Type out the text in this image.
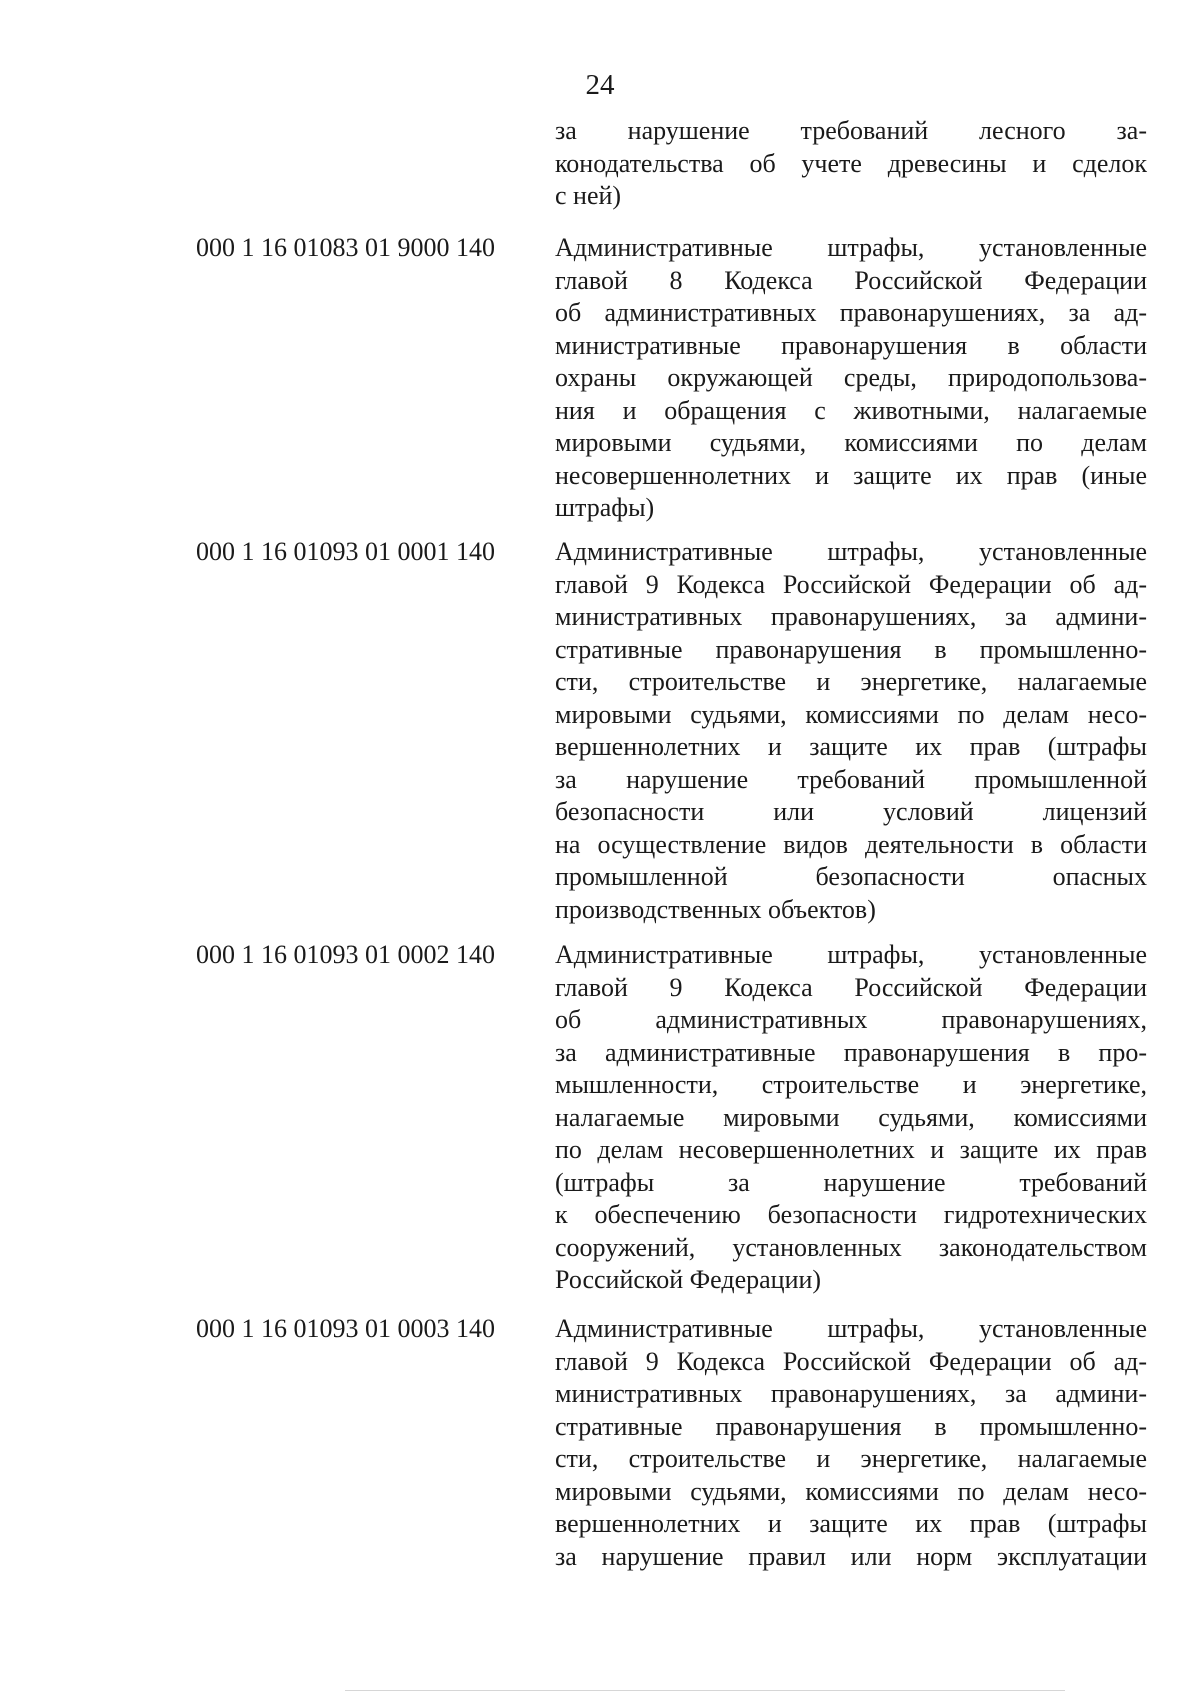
24
за нарушение требований лесного за-
конодательства об учете древесины и сделок
с ней)
000 1 16 01083 01 9000 140 Административные штрафы, установленные
главой 8 Кодекса Российской Федерации
об административных правонарушениях, за ад-
министративные правонарушения в области
охраны окружающей среды, природопользова-
ния и обращения с животными, налагаемые
мировыми судьями, комиссиями по делам
несовершеннолетних и защите их прав (иные
штрафы)
000 1 16 01093 01 0001 140 Административные штрафы, установленные
главой 9 Кодекса Российской Федерации об ад-
министративных правонарушениях, за админи-
стративные правонарушения в промышленно-
сти, строительстве и энергетике, налагаемые
мировыми судьями, комиссиями по делам несо-
вершеннолетних и защите их прав (штрафы
за нарушение требований промышленной
безопасности или условий лицензий
на осуществление видов деятельности в области
промышленной безопасности опасных
производственных объектов)
000 1 16 01093 01 0002 140 Административные штрафы, установленные
главой 9 Кодекса Российской Федерации
об административных правонарушениях,
за административные правонарушения в про-
мышленности, строительстве и энергетике,
налагаемые мировыми судьями, комиссиями
по делам несовершеннолетних и защите их прав
(штрафы за нарушение требований
к обеспечению безопасности гидротехнических
сооружений, установленных законодательством
Российской Федерации)
000 1 16 01093 01 0003 140 Административные штрафы, установленные
главой 9 Кодекса Российской Федерации об ад-
министративных правонарушениях, за админи-
стративные правонарушения в промышленно-
сти, строительстве и энергетике, налагаемые
мировыми судьями, комиссиями по делам несо-
вершеннолетних и защите их прав (штрафы
за нарушение правил или норм эксплуатации
